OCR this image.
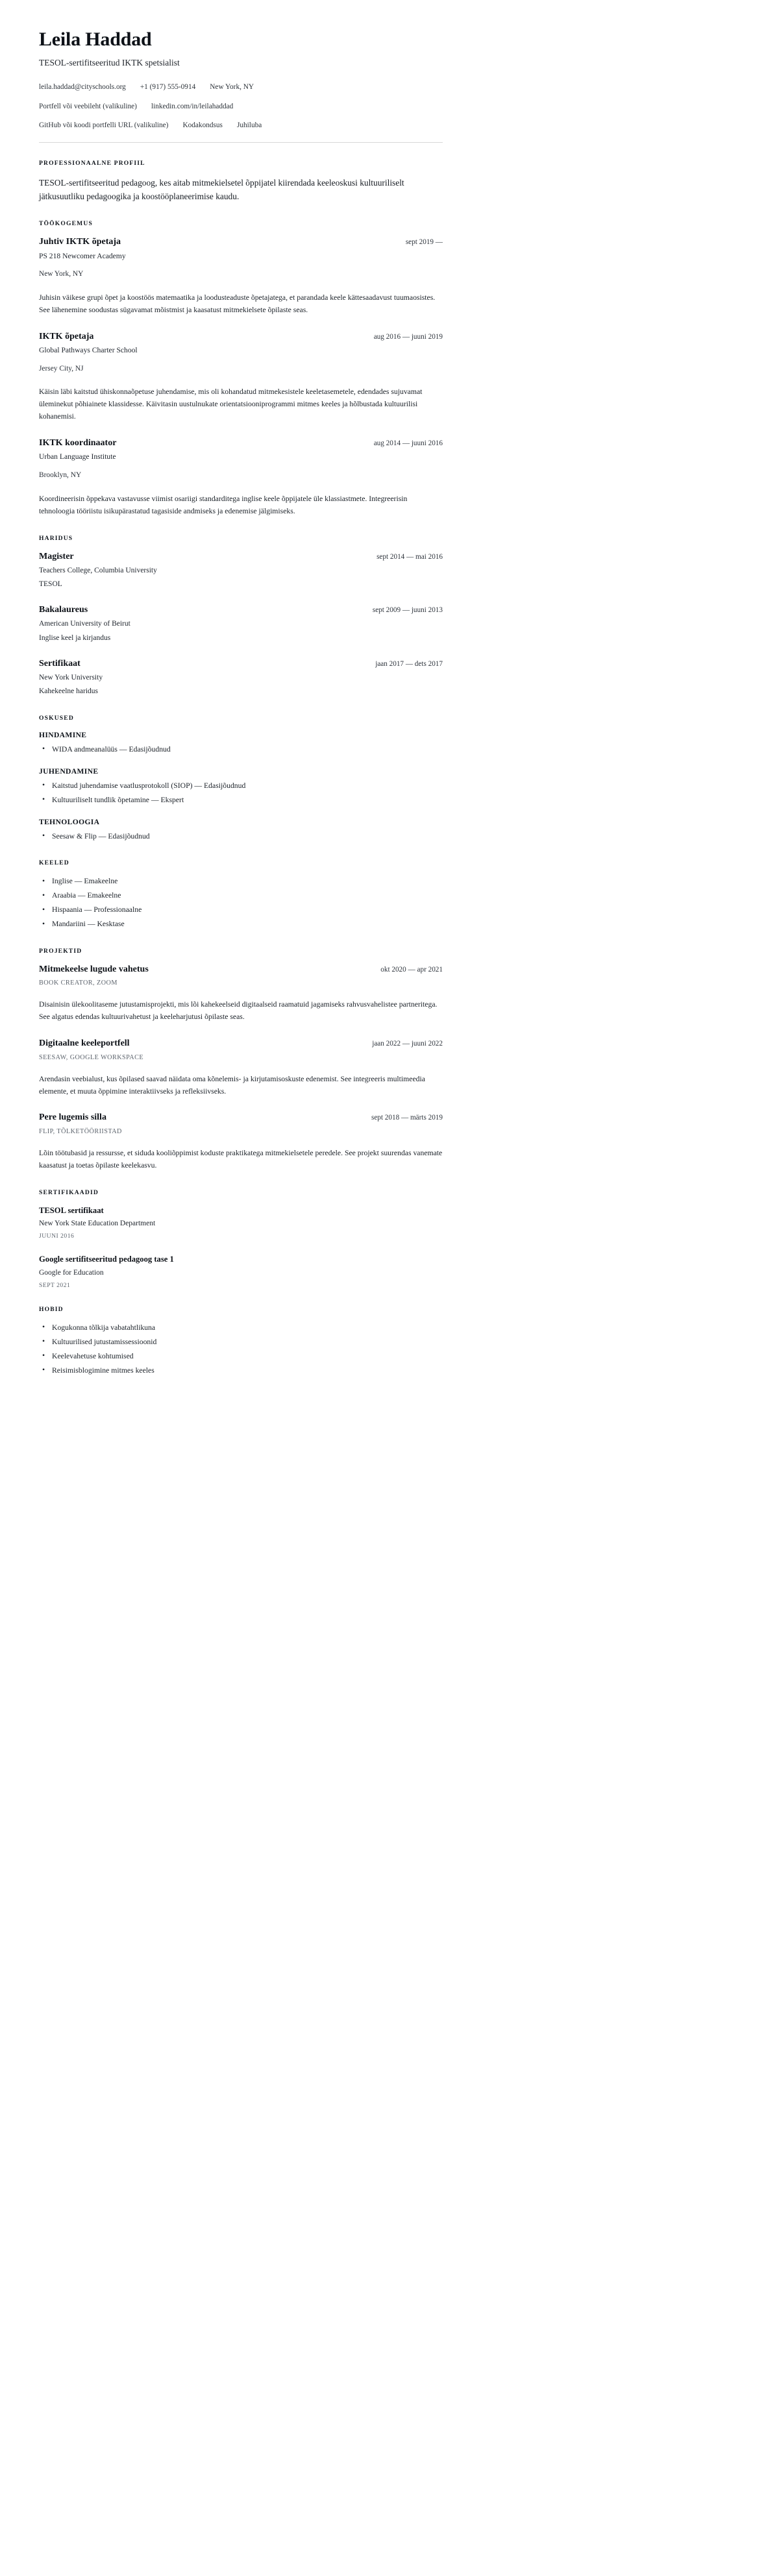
Leila Haddad
TESOL-sertifitseeritud IKTK spetsialist
leila.haddad@cityschools.org +1 (917) 555-0914 New York, NY
Portfell või veebileht (valikuline) linkedin.com/in/leilahaddad
GitHub või koodi portfelli URL (valikuline) Kodakondsus Juhiluba
PROFESSIONAALNE PROFIIL
TESOL-sertifitseeritud pedagoog, kes aitab mitmekielsetel õppijatel kiirendada keeleoskusi kultuuriliselt jätkusuutliku pedagoogika ja koostööplaneerimise kaudu.
TÖÖKOGEMUS
Juhtiv IKTK õpetaja	sept 2019 —
PS 218 Newcomer Academy
New York, NY
Juhisin väikese grupi õpet ja koostöös matemaatika ja loodusteaduste õpetajatega, et parandada keele kättesaadavust tuumaosistes. See lähenemine soodustas sügavamat mõistmist ja kaasatust mitmekielsete õpilaste seas.
IKTK õpetaja	aug 2016 — juuni 2019
Global Pathways Charter School
Jersey City, NJ
Käisin läbi kaitstud ühiskonnaõpetuse juhendamise, mis oli kohandatud mitmekesistele keeletasemetele, edendades sujuvamat üleminekut põhiainete klassidesse. Käivitasin uustulnukate orientatsiooniprogrammi mitmes keeles ja hõlbustada kultuurilisi kohanemisi.
IKTK koordinaator	aug 2014 — juuni 2016
Urban Language Institute
Brooklyn, NY
Koordineerisin õppekava vastavusse viimist osariigi standarditega inglise keele õppijatele üle klassiastmete. Integreerisin tehnoloogia tööriistu isikupärastatud tagasiside andmiseks ja edenemise jälgimiseks.
HARIDUS
Magister	sept 2014 — mai 2016
Teachers College, Columbia University
TESOL
Bakalaureus	sept 2009 — juuni 2013
American University of Beirut
Inglise keel ja kirjandus
Sertifikaat	jaan 2017 — dets 2017
New York University
Kahekeelne haridus
OSKUSED
HINDAMINE
• WIDA andmeanalüüs — Edasijõudnud
JUHENDAMINE
• Kaitstud juhendamise vaatlusprotokoll (SIOP) — Edasijõudnud
• Kultuuriliselt tundlik õpetamine — Ekspert
TEHNOLOOGIA
• Seesaw & Flip — Edasijõudnud
KEELED
• Inglise — Emakeelne
• Araabia — Emakeelne
• Hispaania — Professionaalne
• Mandariini — Kesktase
PROJEKTID
Mitmekeelse lugude vahetus	okt 2020 — apr 2021
BOOK CREATOR, ZOOM
Disainisin ülekoolitaseme jutustamisprojekti, mis lõi kahekeelseid digitaalseid raamatuid jagamiseks rahvusvahelistee partneritega. See algatus edendas kultuurivahetust ja keeleharjutusi õpilaste seas.
Digitaalne keeleportfell	jaan 2022 — juuni 2022
SEESAW, GOOGLE WORKSPACE
Arendasin veebialust, kus õpilased saavad näidata oma kõnelemis- ja kirjutamisoskuste edenemist. See integreeris multimeedia elemente, et muuta õppimine interaktiivseks ja refleksiivseks.
Pere lugemis silla	sept 2018 — märts 2019
FLIP, TÕLKETÖÖRIISTAD
Lõin töötubasid ja ressursse, et siduda kooliõppimist koduste praktikatega mitmekielsetele peredele. See projekt suurendas vanemate kaasatust ja toetas õpilaste keelekasvu.
SERTIFIKAADID
TESOL sertifikaat
New York State Education Department
JUUNI 2016
Google sertifitseeritud pedagoog tase 1
Google for Education
SEPT 2021
HOBID
• Kogukonna tõlkija vabatahtlikuna
• Kultuurilised jutustamissessioonid
• Keelevahetuse kohtumised
• Reisimisblogimine mitmes keeles
